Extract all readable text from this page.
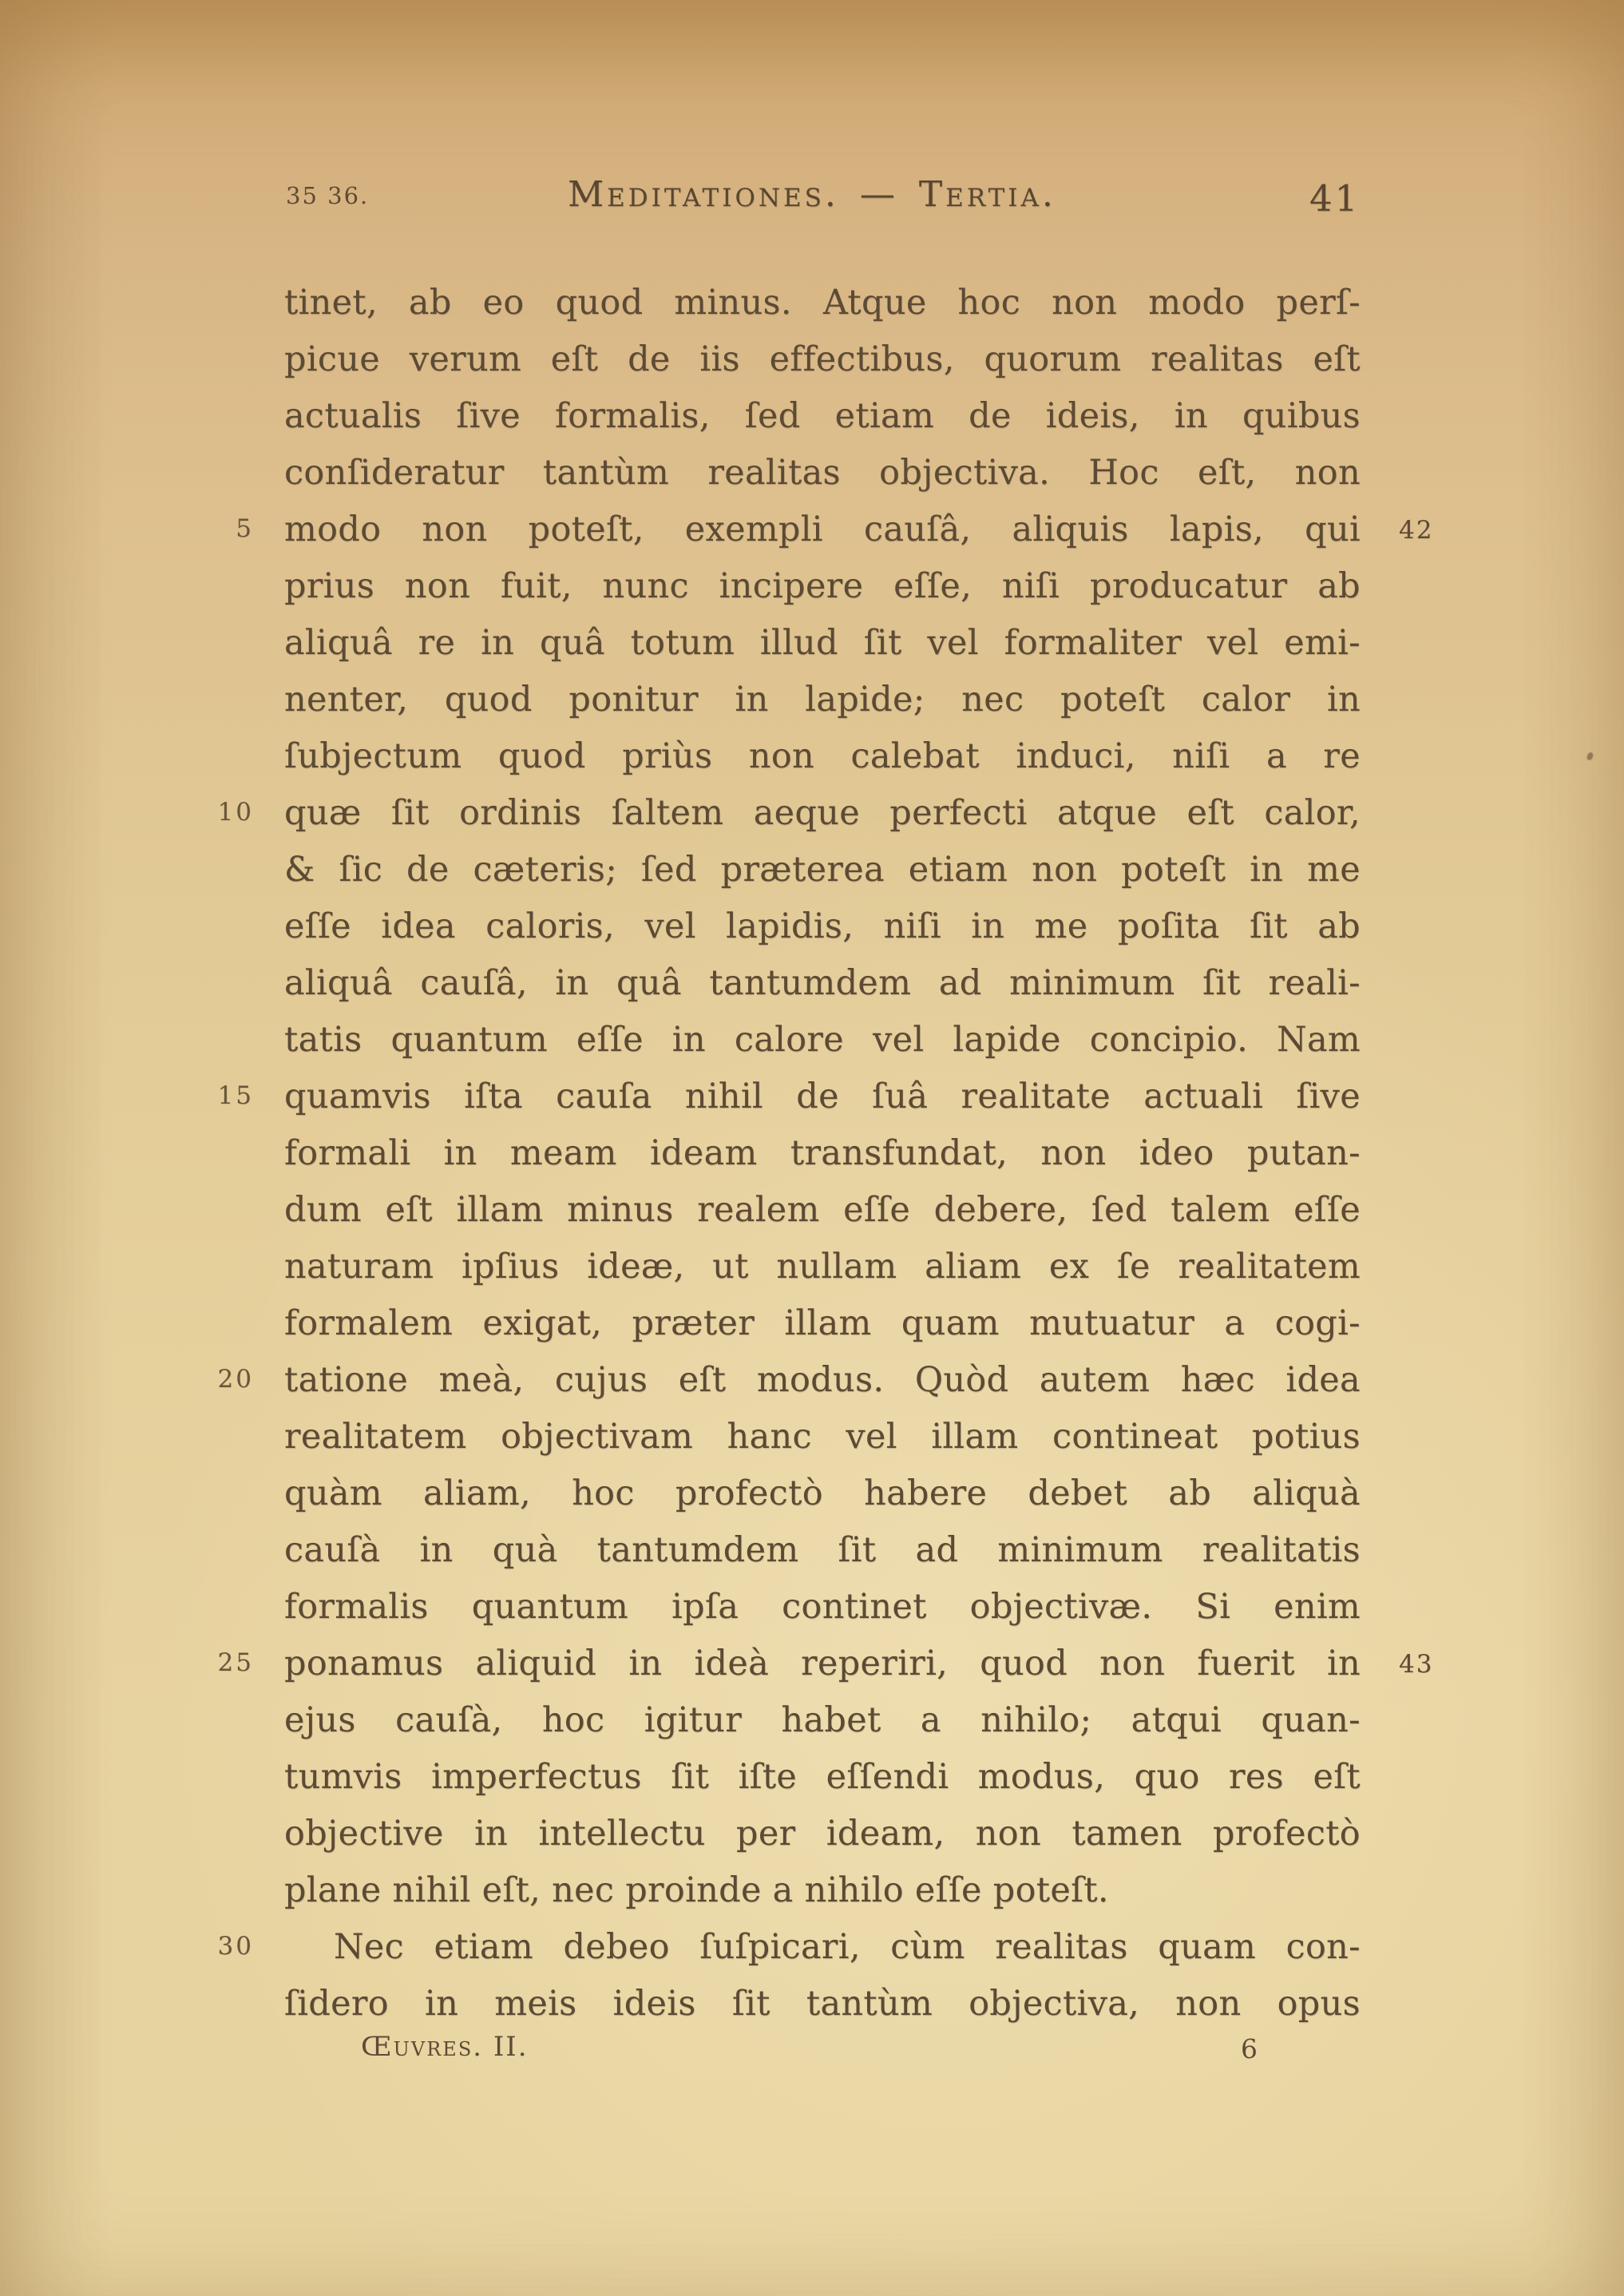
35 36.	Meditationes. — Tertia.	41
tinet, ab eo quod minus. Atque hoc non modo perſ-
picue verum eſt de iis effectibus, quorum realitas eſt
actualis ſive formalis, ſed etiam de ideis, in quibus
conſideratur tantùm realitas objectiva. Hoc eſt, non
modo non poteſt, exempli cauſâ, aliquis lapis, qui
prius non fuit, nunc incipere eſſe, niſi producatur ab
aliquâ re in quâ totum illud ſit vel formaliter vel emi-
nenter, quod ponitur in lapide; nec poteſt calor in
ſubjectum quod priùs non calebat induci, niſi a re
quæ ſit ordinis ſaltem aeque perfecti atque eſt calor,
& ſic de cæteris; ſed præterea etiam non poteſt in me
eſſe idea caloris, vel lapidis, niſi in me poſita ſit ab
aliquâ cauſâ, in quâ tantumdem ad minimum ſit reali-
tatis quantum eſſe in calore vel lapide concipio. Nam
quamvis iſta cauſa nihil de ſuâ realitate actuali ſive
formali in meam ideam transfundat, non ideo putan-
dum eſt illam minus realem eſſe debere, ſed talem eſſe
naturam ipſius ideæ, ut nullam aliam ex ſe realitatem
formalem exigat, præter illam quam mutuatur a cogi-
tatione meà, cujus eſt modus. Quòd autem hæc idea
realitatem objectivam hanc vel illam contineat potius
quàm aliam, hoc profectò habere debet ab aliquà
cauſà in quà tantumdem ſit ad minimum realitatis
formalis quantum ipſa continet objectivæ. Si enim
ponamus aliquid in ideà reperiri, quod non fuerit in
ejus cauſà, hoc igitur habet a nihilo; atqui quan-
tumvis imperfectus ſit iſte eſſendi modus, quo res eſt
objective in intellectu per ideam, non tamen profectò
plane nihil eſt, nec proinde a nihilo eſſe poteſt.
Nec etiam debeo ſuſpicari, cùm realitas quam con-
ſidero in meis ideis ſit tantùm objectiva, non opus
5
10
15
20
25
30
42
43
Œuvres. II.	6
